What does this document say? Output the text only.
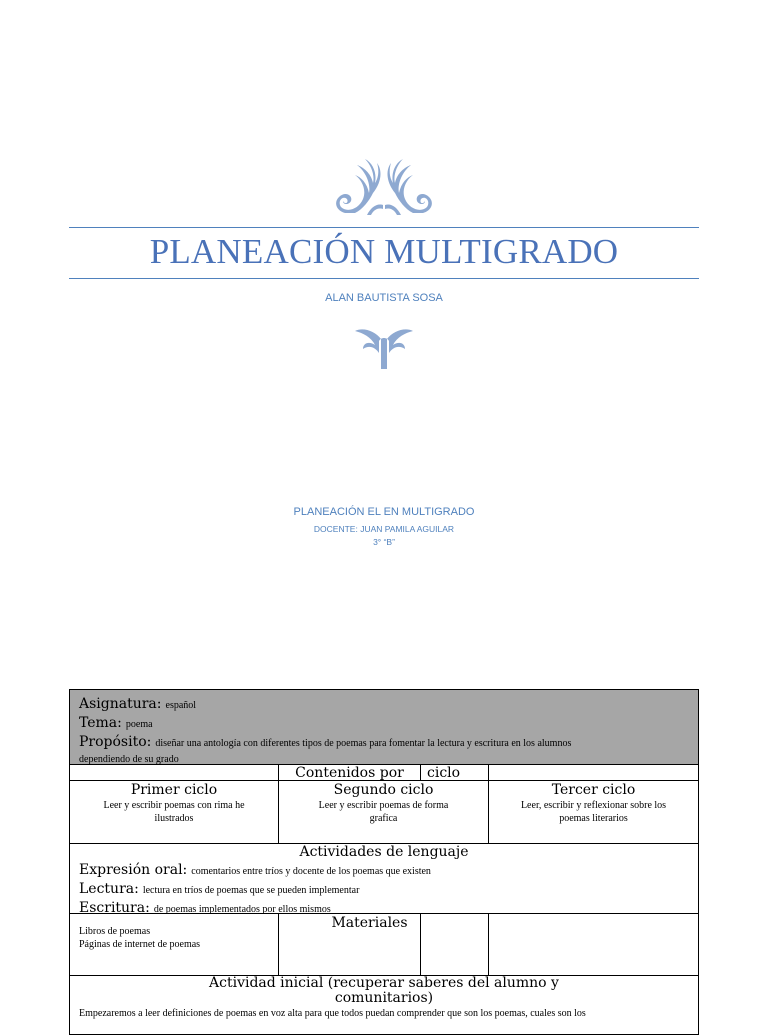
PLANEACIÓN MULTIGRADO
ALAN BAUTISTA SOSA
PLANEACIÓN EL EN MULTIGRADO
DOCENTE: JUAN PAMILA AGUILAR
3° “B”
Asignatura: español
Tema: poema
Propósito: diseñar una antología con diferentes tipos de poemas para fomentar la lectura y escritura en los alumnos
dependiendo de su grado
Contenidos por	ciclo
Primer ciclo
Leer y escribir poemas con rima he
ilustrados
Segundo ciclo
Leer y escribir poemas de forma
grafica
Tercer ciclo
Leer, escribir y reflexionar sobre los
poemas literarios
Actividades de lenguaje
Expresión oral: comentarios entre tríos y docente de los poemas que existen
Lectura: lectura en tríos de poemas que se pueden implementar
Escritura: de poemas implementados por ellos mismos
Libros de poemas
Páginas de internet de poemas
Materiales
Actividad inicial (recuperar saberes del alumno y
comunitarios)
Empezaremos a leer definiciones de poemas en voz alta para que todos puedan comprender que son los poemas, cuales son los
